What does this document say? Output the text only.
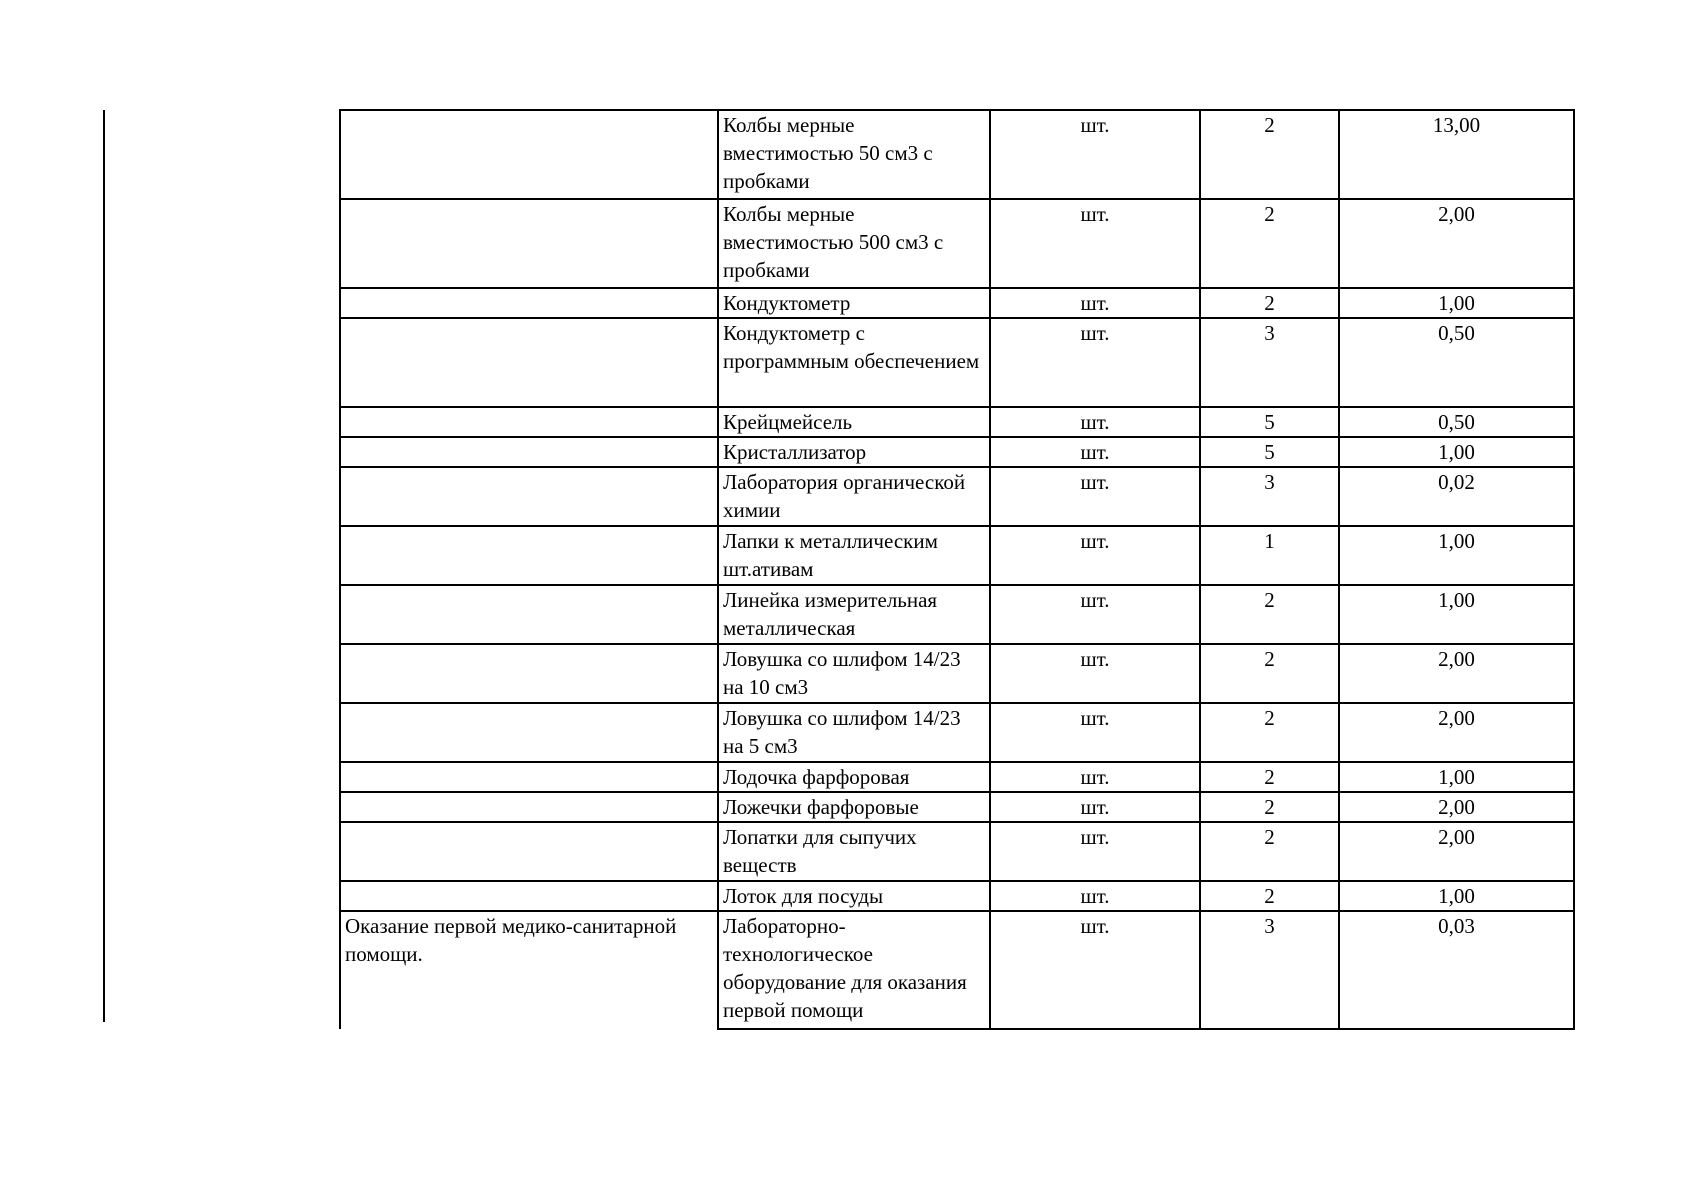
	Колбы мерные вместимостью 50 см3 с пробками	шт.	2	13,00
	Колбы мерные вместимостью 500 см3 с пробками	шт.	2	2,00
	Кондуктометр	шт.	2	1,00
	Кондуктометр с программным обеспечением	шт.	3	0,50
	Крейцмейсель	шт.	5	0,50
	Кристаллизатор	шт.	5	1,00
	Лаборатория органической химии	шт.	3	0,02
	Лапки к металлическим шт.ативам	шт.	1	1,00
	Линейка измерительная металлическая	шт.	2	1,00
	Ловушка со шлифом 14/23 на 10 см3	шт.	2	2,00
	Ловушка со шлифом 14/23 на 5 см3	шт.	2	2,00
	Лодочка фарфоровая	шт.	2	1,00
	Ложечки фарфоровые	шт.	2	2,00
	Лопатки для сыпучих веществ	шт.	2	2,00
	Лоток для посуды	шт.	2	1,00
Оказание первой медико-санитарной помощи.	Лабораторно-технологическое оборудование для оказания первой помощи	шт.	3	0,03
